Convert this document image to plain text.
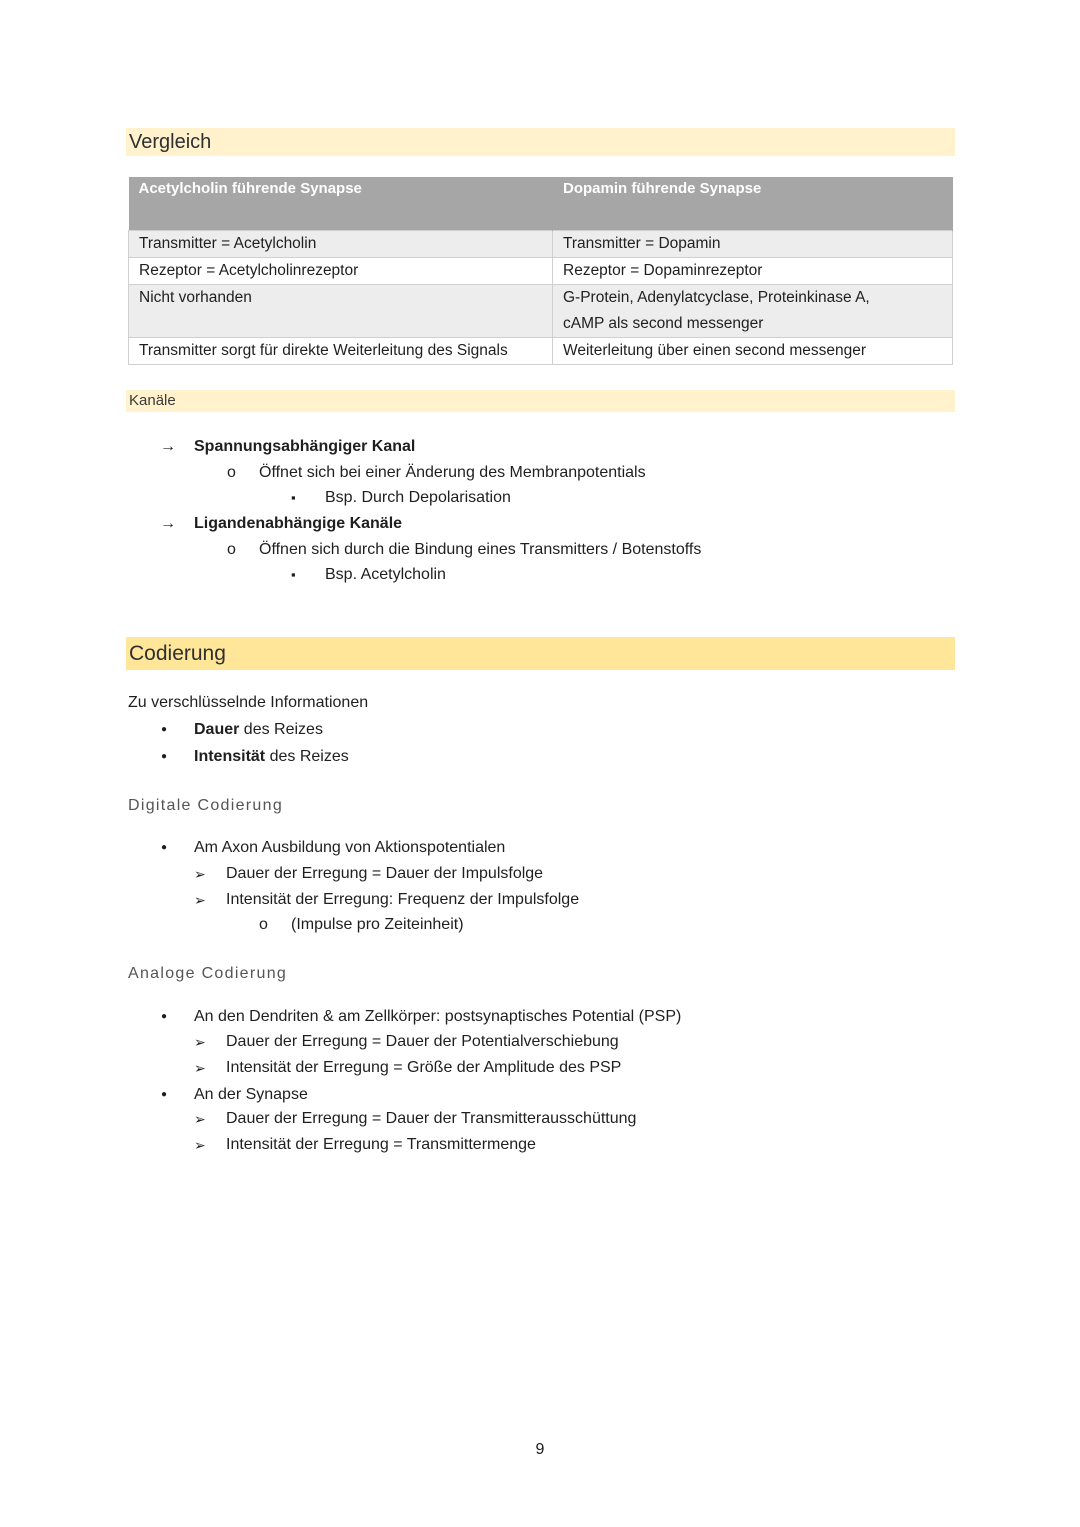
Vergleich
Acetylcholin führende Synapse	Dopamin führende Synapse
Transmitter = Acetylcholin	Transmitter = Dopamin
Rezeptor = Acetylcholinrezeptor	Rezeptor = Dopaminrezeptor
Nicht vorhanden	G-Protein, Adenylatcyclase, Proteinkinase A,
	cAMP als second messenger
Transmitter sorgt für direkte Weiterleitung des Signals	Weiterleitung über einen second messenger
Kanäle
→ Spannungsabhängiger Kanal
o Öffnet sich bei einer Änderung des Membranpotentials
▪ Bsp. Durch Depolarisation
→ Ligandenabhängige Kanäle
o Öffnen sich durch die Bindung eines Transmitters / Botenstoffs
▪ Bsp. Acetylcholin
Codierung
Zu verschlüsselnde Informationen
● Dauer des Reizes
● Intensität des Reizes
Digitale Codierung
● Am Axon Ausbildung von Aktionspotentialen
➢ Dauer der Erregung = Dauer der Impulsfolge
➢ Intensität der Erregung: Frequenz der Impulsfolge
o (Impulse pro Zeiteinheit)
Analoge Codierung
● An den Dendriten & am Zellkörper: postsynaptisches Potential (PSP)
➢ Dauer der Erregung = Dauer der Potentialverschiebung
➢ Intensität der Erregung = Größe der Amplitude des PSP
● An der Synapse
➢ Dauer der Erregung = Dauer der Transmitterausschüttung
➢ Intensität der Erregung = Transmittermenge
9
